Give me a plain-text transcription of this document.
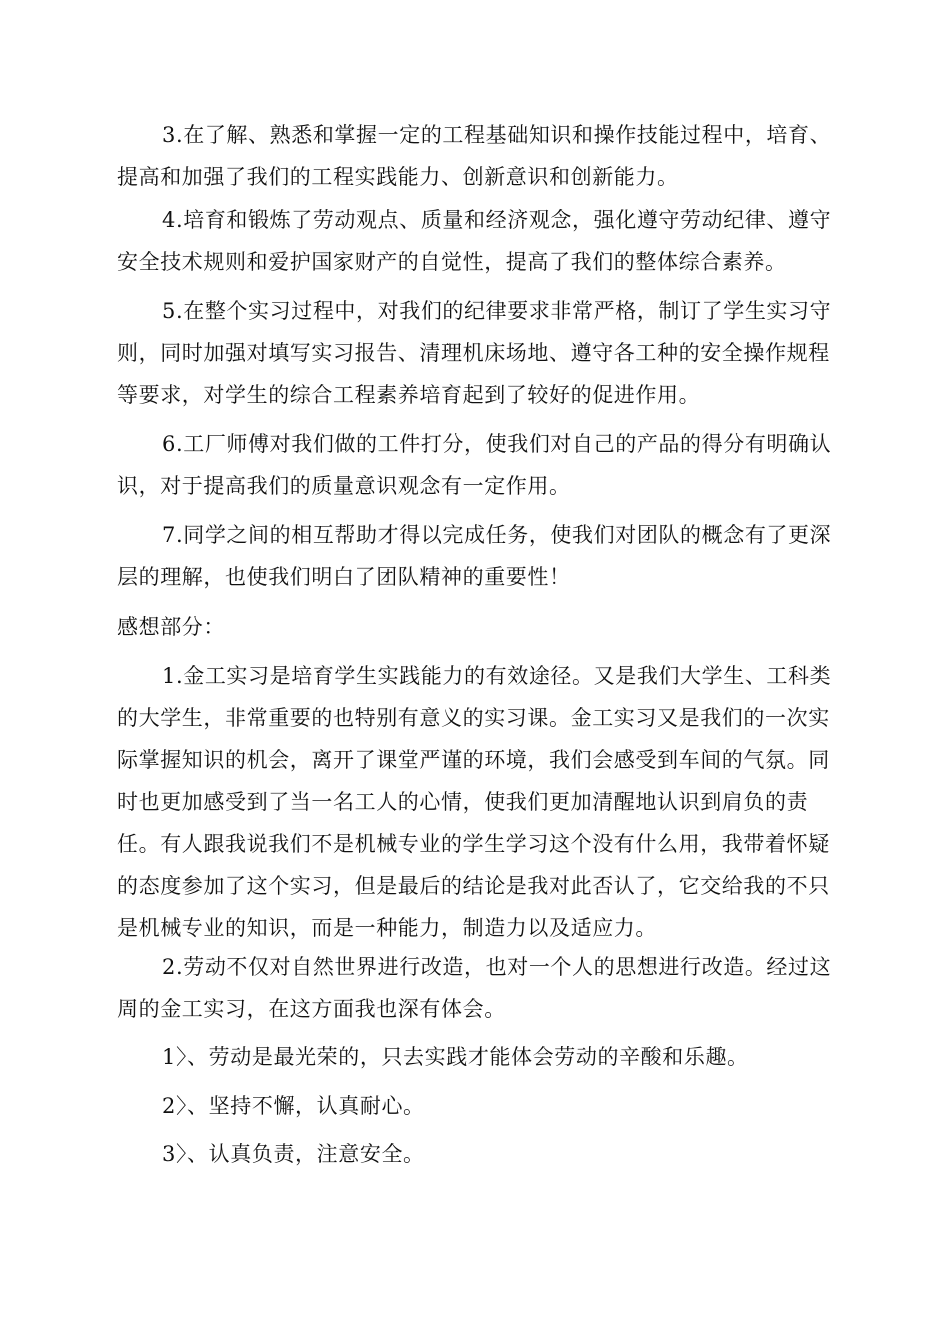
3.在了解、熟悉和掌握一定的工程基础知识和操作技能过程中，培育、提高和加强了我们的工程实践能力、创新意识和创新能力。

4.培育和锻炼了劳动观点、质量和经济观念，强化遵守劳动纪律、遵守安全技术规则和爱护国家财产的自觉性，提高了我们的整体综合素养。

5.在整个实习过程中，对我们的纪律要求非常严格，制订了学生实习守则，同时加强对填写实习报告、清理机床场地、遵守各工种的安全操作规程等要求，对学生的综合工程素养培育起到了较好的促进作用。

6.工厂师傅对我们做的工件打分，使我们对自己的产品的得分有明确认识，对于提高我们的质量意识观念有一定作用。

7.同学之间的相互帮助才得以完成任务，使我们对团队的概念有了更深层的理解，也使我们明白了团队精神的重要性！

感想部分：

1.金工实习是培育学生实践能力的有效途径。又是我们大学生、工科类的大学生，非常重要的也特别有意义的实习课。金工实习又是我们的一次实际掌握知识的机会，离开了课堂严谨的环境，我们会感受到车间的气氛。同时也更加感受到了当一名工人的心情，使我们更加清醒地认识到肩负的责任。有人跟我说我们不是机械专业的学生学习这个没有什么用，我带着怀疑的态度参加了这个实习，但是最后的结论是我对此否认了，它交给我的不只是机械专业的知识，而是一种能力，制造力以及适应力。

2.劳动不仅对自然世界进行改造，也对一个人的思想进行改造。经过这周的金工实习，在这方面我也深有体会。

1〉、劳动是最光荣的，只去实践才能体会劳动的辛酸和乐趣。

2〉、坚持不懈，认真耐心。

3〉、认真负责，注意安全。
